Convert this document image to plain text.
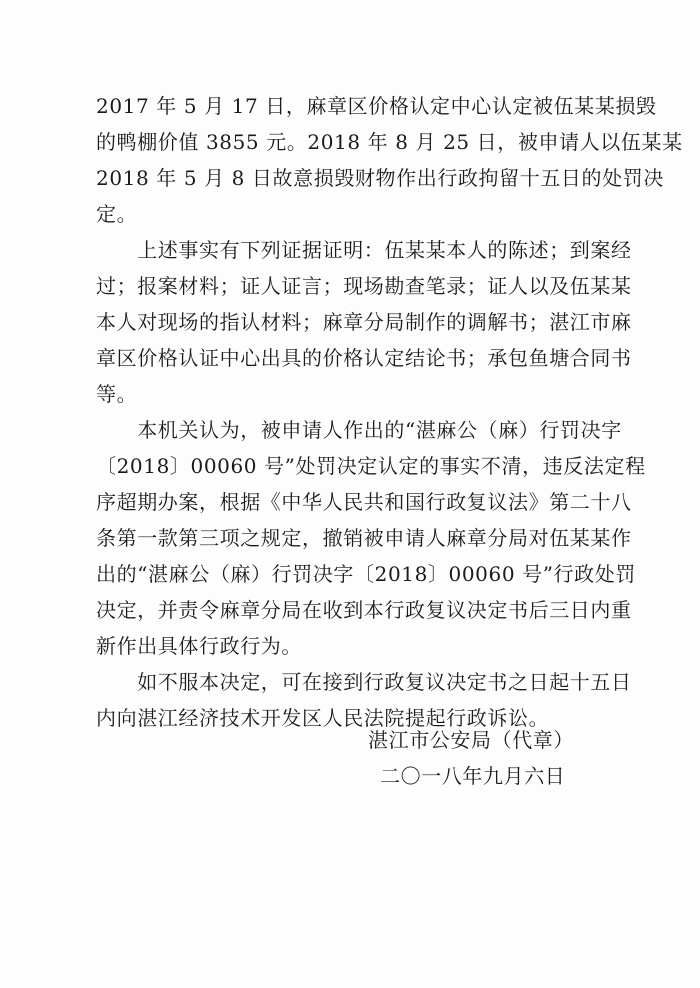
2017 年 5 月 17 日，麻章区价格认定中心认定被伍某某损毁
的鸭棚价值 3855 元。2018 年 8 月 25 日，被申请人以伍某某
2018 年 5 月 8 日故意损毁财物作出行政拘留十五日的处罚决
定。
　　上述事实有下列证据证明：伍某某本人的陈述；到案经
过；报案材料；证人证言；现场勘查笔录；证人以及伍某某
本人对现场的指认材料；麻章分局制作的调解书；湛江市麻
章区价格认证中心出具的价格认定结论书；承包鱼塘合同书
等。
　　本机关认为，被申请人作出的“湛麻公（麻）行罚决字
〔2018〕00060 号”处罚决定认定的事实不清，违反法定程
序超期办案，根据《中华人民共和国行政复议法》第二十八
条第一款第三项之规定，撤销被申请人麻章分局对伍某某作
出的“湛麻公（麻）行罚决字〔2018〕00060 号”行政处罚
决定，并责令麻章分局在收到本行政复议决定书后三日内重
新作出具体行政行为。
　　如不服本决定，可在接到行政复议决定书之日起十五日
内向湛江经济技术开发区人民法院提起行政诉讼。
湛江市公安局（代章）
二〇一八年九月六日
